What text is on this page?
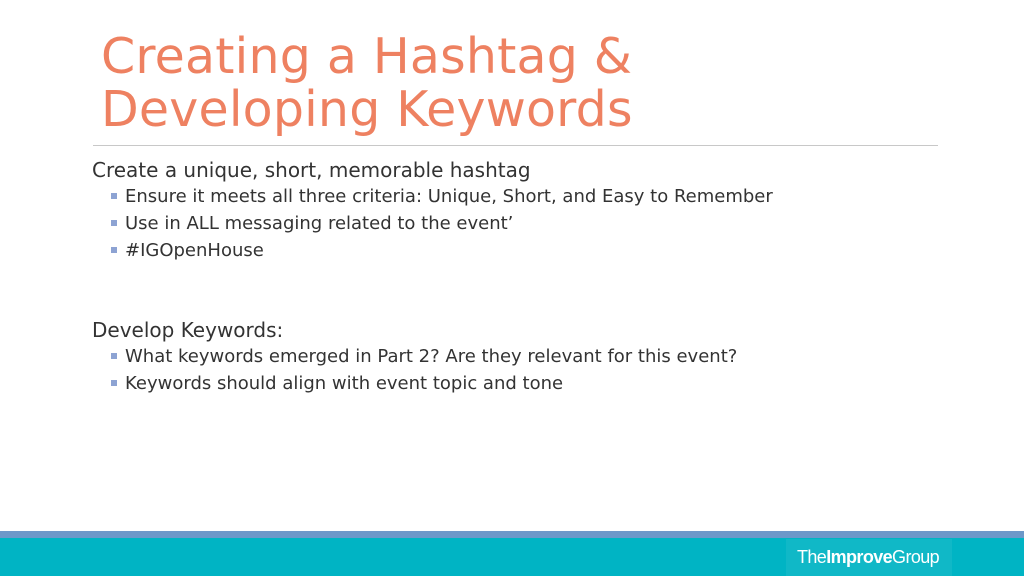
Creating a Hashtag &
Developing Keywords

Create a unique, short, memorable hashtag

Ensure it meets all three criteria: Unique, Short, and Easy to Remember
Use in ALL messaging related to the event’
#IGOpenHouse

Develop Keywords:

What keywords emerged in Part 2? Are they relevant for this event?
Keywords should align with event topic and tone
TheImproveGroup
